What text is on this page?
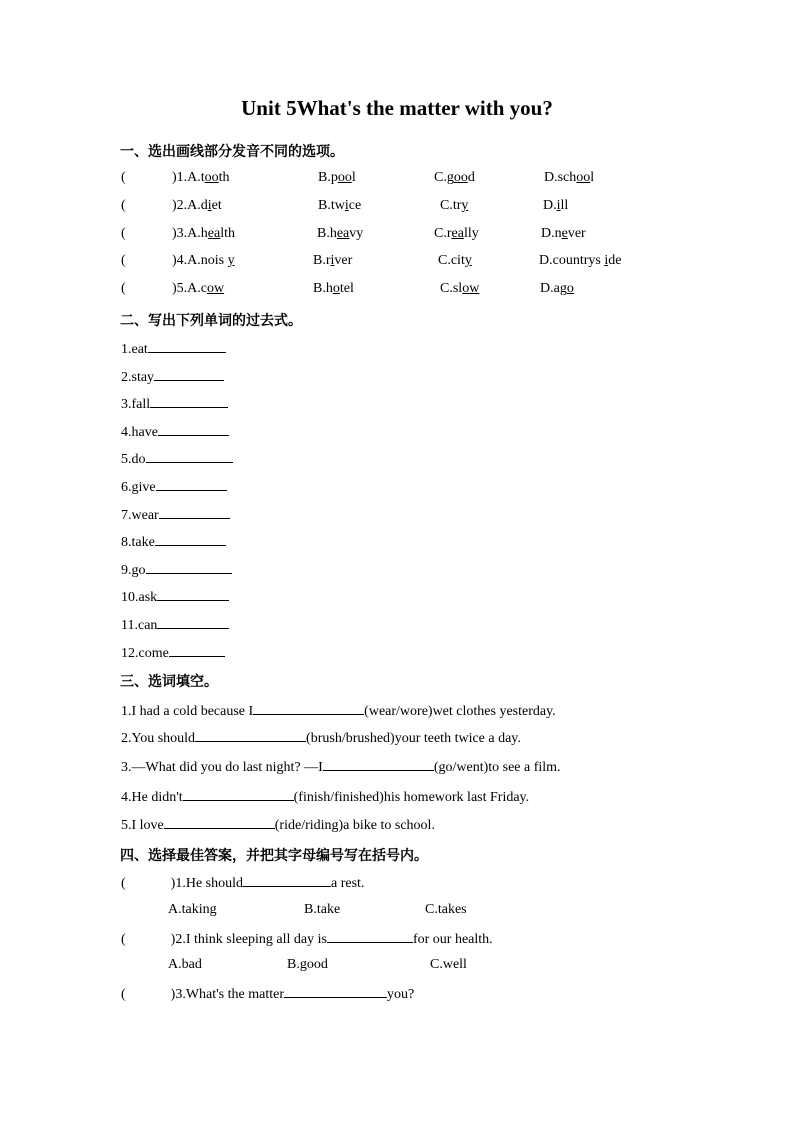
Unit 5What's the matter with you?
一、选出画线部分发音不同的选项。
(	)1.A.tooth	B.pool	C.good	D.school
(	)2.A.diet	B.twice	C.try	D.ill
(	)3.A.health	B.heavy	C.really	D.never
(	)4.A.nois y	B.river	C.city	D.countrys ide
(	)5.A.cow	B.hotel	C.slow	D.ago
二、写出下列单词的过去式。
1.eat
2.stay
3.fall
4.have
5.do
6.give
7.wear
8.take
9.go
10.ask
11.can
12.come
三、选词填空。
1.I had a cold because I	(wear/wore)wet clothes yesterday.
2.You should	(brush/brushed)your teeth twice a day.
3.—What did you do last night? —I	(go/went)to see a film.
4.He didn't	(finish/finished)his homework last Friday.
5.I love	(ride/riding)a bike to school.
四、选择最佳答案，并把其字母编号写在括号内。
(	)1.He should	a rest.
A.taking	B.take	C.takes
(	)2.I think sleeping all day is	for our health.
A.bad	B.good	C.well
(	)3.What's the matter	you?
